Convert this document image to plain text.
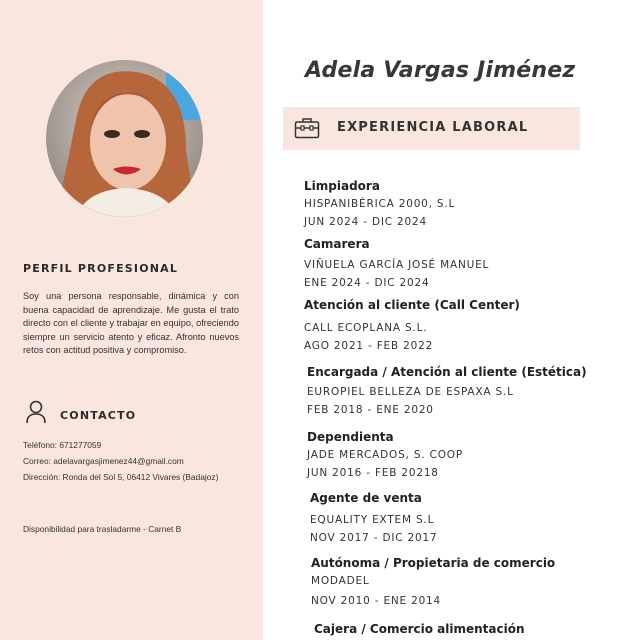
PERFIL PROFESIONAL
Soy una persona responsable, dinámica y con buena capacidad de aprendizaje. Me gusta el trato directo con el cliente y trabajar en equipo, ofreciendo siempre un servicio atento y eficaz. Afronto nuevos retos con actitud positiva y compromiso.
CONTACTO
Teléfono: 671277059
Correo: adelavargasjimenez44@gmail.com
Dirección: Ronda del Sol 5, 06412 Vivares (Badajoz)
Disponibilidad para trasladarme - Carnet B
Adela Vargas Jiménez
EXPERIENCIA LABORAL
Limpiadora
HISPANIBÉRICA 2000, S.L
JUN 2024 - DIC 2024
Camarera
VIÑUELA GARCÍA JOSÉ MANUEL
ENE 2024 - DIC 2024
Atención al cliente (Call Center)
CALL ECOPLANA S.L.
AGO 2021 - FEB 2022
Encargada / Atención al cliente (Estética)
EUROPIEL BELLEZA DE ESPAXA S.L
FEB 2018 - ENE 2020
Dependienta
JADE MERCADOS, S. COOP
JUN 2016 - FEB 20218
Agente de venta
EQUALITY EXTEM S.L
NOV 2017 - DIC 2017
Autónoma / Propietaria de comercio
MODADEL
NOV 2010 - ENE 2014
Cajera / Comercio alimentación
